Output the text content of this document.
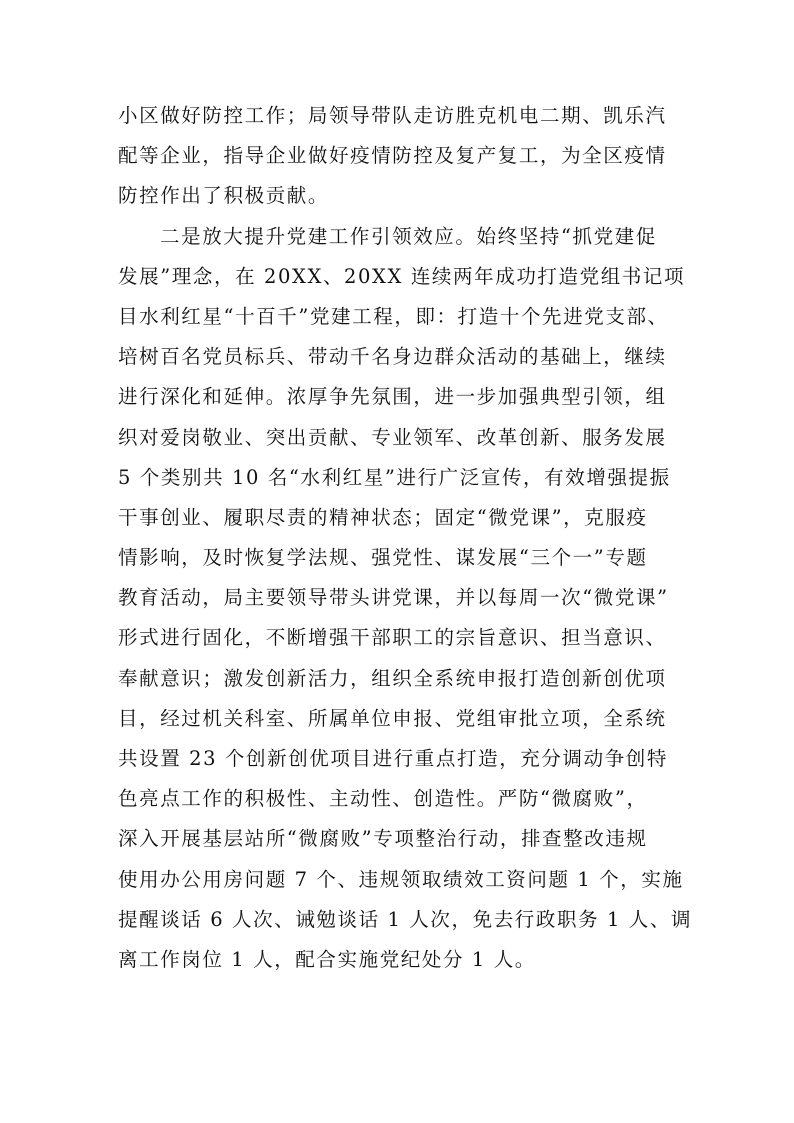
小区做好防控工作；局领导带队走访胜克机电二期、凯乐汽
配等企业，指导企业做好疫情防控及复产复工，为全区疫情
防控作出了积极贡献。
二是放大提升党建工作引领效应。始终坚持“抓党建促
发展”理念，在 20XX、20XX 连续两年成功打造党组书记项
目水利红星“十百千”党建工程，即：打造十个先进党支部、
培树百名党员标兵、带动千名身边群众活动的基础上，继续
进行深化和延伸。浓厚争先氛围，进一步加强典型引领，组
织对爱岗敬业、突出贡献、专业领军、改革创新、服务发展
5 个类别共 10 名“水利红星”进行广泛宣传，有效增强提振
干事创业、履职尽责的精神状态；固定“微党课”，克服疫
情影响，及时恢复学法规、强党性、谋发展“三个一”专题
教育活动，局主要领导带头讲党课，并以每周一次“微党课”
形式进行固化，不断增强干部职工的宗旨意识、担当意识、
奉献意识；激发创新活力，组织全系统申报打造创新创优项
目，经过机关科室、所属单位申报、党组审批立项，全系统
共设置 23 个创新创优项目进行重点打造，充分调动争创特
色亮点工作的积极性、主动性、创造性。严防“微腐败”，
深入开展基层站所“微腐败”专项整治行动，排查整改违规
使用办公用房问题 7 个、违规领取绩效工资问题 1 个，实施
提醒谈话 6 人次、诫勉谈话 1 人次，免去行政职务 1 人、调
离工作岗位 1 人，配合实施党纪处分 1 人。
